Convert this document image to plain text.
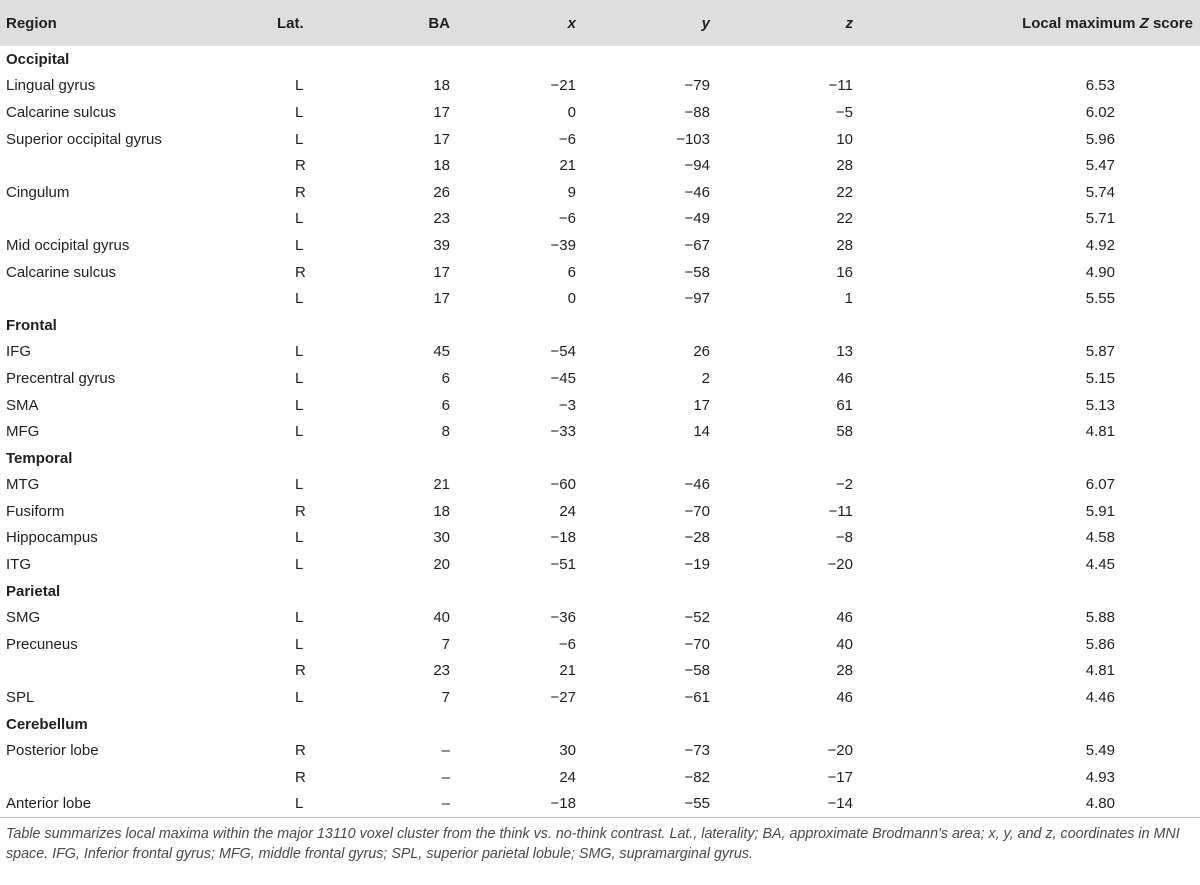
Region	Lat.	BA	x	y	z	Local maximum Z score
Occipital						
Lingual gyrus	L	18	−21	−79	−11	6.53
Calcarine sulcus	L	17	0	−88	−5	6.02
Superior occipital gyrus	L	17	−6	−103	10	5.96
	R	18	21	−94	28	5.47
Cingulum	R	26	9	−46	22	5.74
	L	23	−6	−49	22	5.71
Mid occipital gyrus	L	39	−39	−67	28	4.92
Calcarine sulcus	R	17	6	−58	16	4.90
	L	17	0	−97	1	5.55
Frontal						
IFG	L	45	−54	26	13	5.87
Precentral gyrus	L	6	−45	2	46	5.15
SMA	L	6	−3	17	61	5.13
MFG	L	8	−33	14	58	4.81
Temporal						
MTG	L	21	−60	−46	−2	6.07
Fusiform	R	18	24	−70	−11	5.91
Hippocampus	L	30	−18	−28	−8	4.58
ITG	L	20	−51	−19	−20	4.45
Parietal						
SMG	L	40	−36	−52	46	5.88
Precuneus	L	7	−6	−70	40	5.86
	R	23	21	−58	28	4.81
SPL	L	7	−27	−61	46	4.46
Cerebellum						
Posterior lobe	R	–	30	−73	−20	5.49
	R	–	24	−82	−17	4.93
Anterior lobe	L	–	−18	−55	−14	4.80

Table summarizes local maxima within the major 13110 voxel cluster from the think vs. no-think contrast. Lat., laterality; BA, approximate Brodmann's area; x, y, and z, coordinates in MNI space. IFG, Inferior frontal gyrus; MFG, middle frontal gyrus; SPL, superior parietal lobule; SMG, supramarginal gyrus.
